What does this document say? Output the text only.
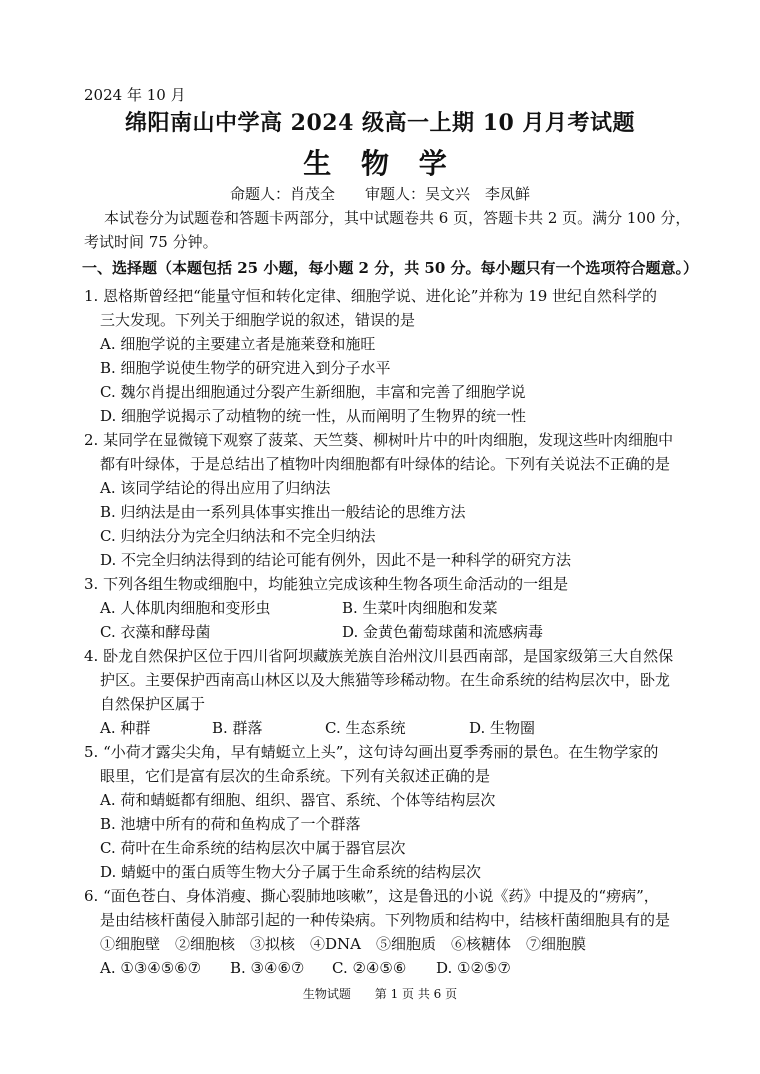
2024 年 10 月
绵阳南山中学高 2024 级高一上期 10 月月考试题
生 物 学
命题人：肖茂全　　审题人：吴文兴　李凤鲜
本试卷分为试题卷和答题卡两部分，其中试题卷共 6 页，答题卡共 2 页。满分 100 分，
考试时间 75 分钟。
一、选择题（本题包括 25 小题，每小题 2 分，共 50 分。每小题只有一个选项符合题意。）
1. 恩格斯曾经把“能量守恒和转化定律、细胞学说、进化论”并称为 19 世纪自然科学的
三大发现。下列关于细胞学说的叙述，错误的是
A. 细胞学说的主要建立者是施莱登和施旺
B. 细胞学说使生物学的研究进入到分子水平
C. 魏尔肖提出细胞通过分裂产生新细胞，丰富和完善了细胞学说
D. 细胞学说揭示了动植物的统一性，从而阐明了生物界的统一性
2. 某同学在显微镜下观察了菠菜、天竺葵、柳树叶片中的叶肉细胞，发现这些叶肉细胞中
都有叶绿体，于是总结出了植物叶肉细胞都有叶绿体的结论。下列有关说法不正确的是
A. 该同学结论的得出应用了归纳法
B. 归纳法是由一系列具体事实推出一般结论的思维方法
C. 归纳法分为完全归纳法和不完全归纳法
D. 不完全归纳法得到的结论可能有例外，因此不是一种科学的研究方法
3. 下列各组生物或细胞中，均能独立完成该种生物各项生命活动的一组是
A. 人体肌肉细胞和变形虫	B. 生菜叶肉细胞和发菜
C. 衣藻和酵母菌	D. 金黄色葡萄球菌和流感病毒
4. 卧龙自然保护区位于四川省阿坝藏族羌族自治州汶川县西南部，是国家级第三大自然保
护区。主要保护西南高山林区以及大熊猫等珍稀动物。在生命系统的结构层次中，卧龙
自然保护区属于
A. 种群	B. 群落	C. 生态系统	D. 生物圈
5. “小荷才露尖尖角，早有蜻蜓立上头”，这句诗勾画出夏季秀丽的景色。在生物学家的
眼里，它们是富有层次的生命系统。下列有关叙述正确的是
A. 荷和蜻蜓都有细胞、组织、器官、系统、个体等结构层次
B. 池塘中所有的荷和鱼构成了一个群落
C. 荷叶在生命系统的结构层次中属于器官层次
D. 蜻蜓中的蛋白质等生物大分子属于生命系统的结构层次
6. “面色苍白、身体消瘦、撕心裂肺地咳嗽”，这是鲁迅的小说《药》中提及的“痨病”，
是由结核杆菌侵入肺部引起的一种传染病。下列物质和结构中，结核杆菌细胞具有的是
①细胞壁　②细胞核　③拟核　④DNA　⑤细胞质　⑥核糖体　⑦细胞膜
A. ①③④⑤⑥⑦ B. ③④⑥⑦ C. ②④⑤⑥ D. ①②⑤⑦
生物试题 第 1 页 共 6 页
